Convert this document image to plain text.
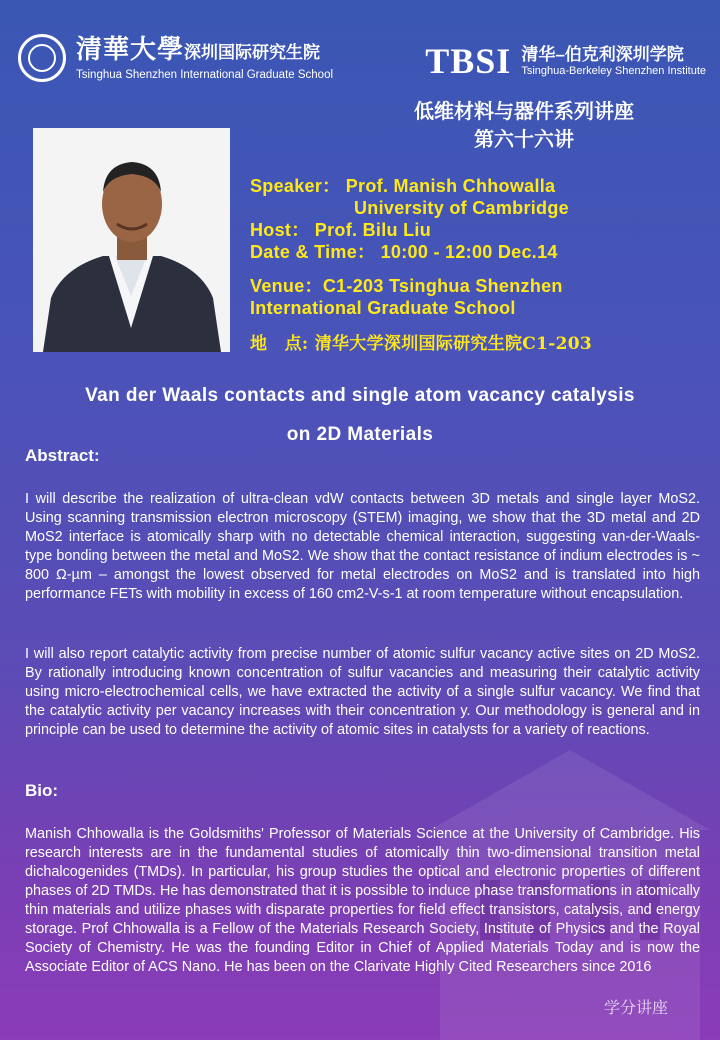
清華大學深圳国际研究生院
Tsinghua Shenzhen International Graduate School	TBSI 清华–伯克利深圳学院
Tsinghua-Berkeley Shenzhen Institute
低维材料与器件系列讲座
第六十六讲
Speaker： Prof. Manish Chhowalla
University of Cambridge
Host： Prof. Bilu Liu
Date & Time： 10:00 - 12:00 Dec.14
Venue：C1-203 Tsinghua Shenzhen
International Graduate School
地　点: 清华大学深圳国际研究生院C1-203
Van der Waals contacts and single atom vacancy catalysis
on 2D Materials
Abstract:
I will describe the realization of ultra-clean vdW contacts between 3D metals and single layer MoS2. Using scanning transmission electron microscopy (STEM) imaging, we show that the 3D metal and 2D MoS2 interface is atomically sharp with no detectable chemical interaction, suggesting van-der-Waals-type bonding between the metal and MoS2. We show that the contact resistance of indium electrodes is ~ 800 Ω-µm – amongst the lowest observed for metal electrodes on MoS2 and is translated into high performance FETs with mobility in excess of 160 cm2-V-s-1 at room temperature without encapsulation.
I will also report catalytic activity from precise number of atomic sulfur vacancy active sites on 2D MoS2. By rationally introducing known concentration of sulfur vacancies and measuring their catalytic activity using micro-electrochemical cells, we have extracted the activity of a single sulfur vacancy. We find that the catalytic activity per vacancy increases with their concentration y. Our methodology is general and in principle can be used to determine the activity of atomic sites in catalysts for a variety of reactions.
Bio:
Manish Chhowalla is the Goldsmiths' Professor of Materials Science at the University of Cambridge. His research interests are in the fundamental studies of atomically thin two-dimensional transition metal dichalcogenides (TMDs). In particular, his group studies the optical and electronic properties of different phases of 2D TMDs. He has demonstrated that it is possible to induce phase transformations in atomically thin materials and utilize phases with disparate properties for field effect transistors, catalysis, and energy storage. Prof Chhowalla is a Fellow of the Materials Research Society, Institute of Physics and the Royal Society of Chemistry. He was the founding Editor in Chief of Applied Materials Today and is now the Associate Editor of ACS Nano. He has been on the Clarivate Highly Cited Researchers since 2016
学分讲座
